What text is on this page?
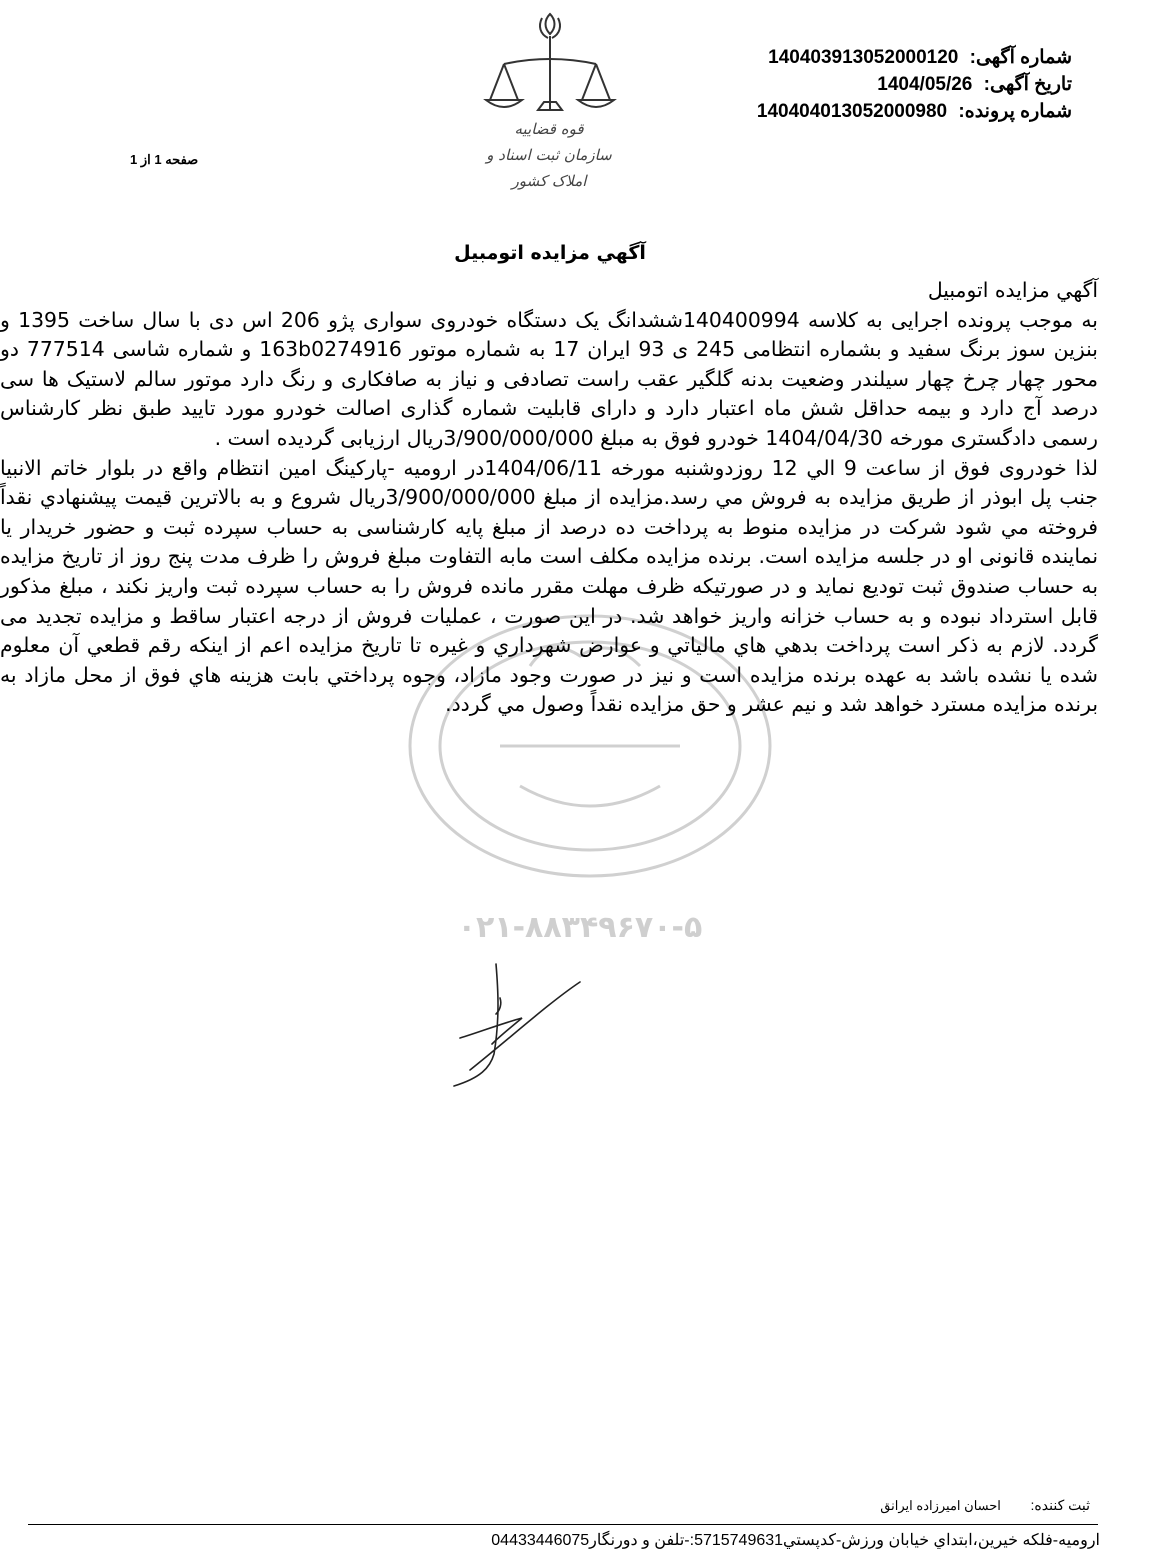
شماره آگهی: 140403913052000120
تاریخ آگهی: 1404/05/26
شماره پرونده: 140404013052000980
صفحه 1 از 1
قوه قضاییه
سازمان ثبت اسناد و املاک کشور
آگهي مزايده اتومبيل
۰۲۱-۸۸۳۴۹۶۷۰-۵

آگهي مزايده اتومبيل

به موجب پرونده اجرايی به کلاسه 140400994ششدانگ یک دستگاه خودروی سواری پژو 206 اس دی با سال ساخت 1395 و بنزین سوز برنگ سفید و بشماره انتظامی 245 ی 93 ایران 17 به شماره موتور 163b0274916 و شماره شاسی 777514 دو محور چهار چرخ چهار سیلندر وضعیت بدنه گلگیر عقب راست تصادفی و نیاز به صافکاری و رنگ دارد موتور سالم لاستیک ها سی درصد آج دارد و بیمه حداقل شش ماه اعتبار دارد و دارای قابلیت شماره گذاری اصالت خودرو مورد تایید طبق نظر کارشناس رسمی دادگستری مورخه 1404/04/30 خودرو فوق به مبلغ 3/900/000/000ریال ارزیابی گردیده است .

لذا خودروی فوق از ساعت 9 الي 12 روزدوشنبه مورخه 1404/06/11در ارومیه -پارکینگ امین انتظام واقع در بلوار خاتم الانبیا جنب پل ابوذر از طريق مزايده به فروش مي رسد.مزايده از مبلغ 3/900/000/000ریال شروع و به بالاترين قيمت پيشنهادي نقداً فروخته مي شود شرکت در مزایده منوط به پرداخت ده درصد از مبلغ پایه کارشناسی به حساب سپرده ثبت و حضور خریدار یا نماینده قانونی او در جلسه مزایده است. برنده مزایده مکلف است مابه التفاوت مبلغ فروش را ظرف مدت پنج روز از تاریخ مزایده به حساب صندوق ثبت تودیع نماید و در صورتیکه ظرف مهلت مقرر مانده فروش را به حساب سپرده ثبت واریز نکند ، مبلغ مذکور قابل استرداد نبوده و به حساب خزانه واریز خواهد شد. در این صورت ، عملیات فروش از درجه اعتبار ساقط و مزایده تجدید می گردد. لازم به ذکر است پرداخت بدهي هاي مالياتي و عوارض شهرداري و غيره تا تاريخ مزايده اعم از اينکه رقم قطعي آن معلوم شده يا نشده باشد به عهده برنده مزايده است و نيز در صورت وجود مازاد، وجوه پرداختي بابت هزينه هاي فوق از محل مازاد به برنده مزايده مسترد خواهد شد و نيم عشر و حق مزايده نقداً وصول مي گردد.

ثبت کننده: احسان اميرزاده ايرانق
ارومیه-فلکه خیرین،ابتداي خيابان ورزش-کدپستي5715749631:-تلفن و دورنگار04433446075
